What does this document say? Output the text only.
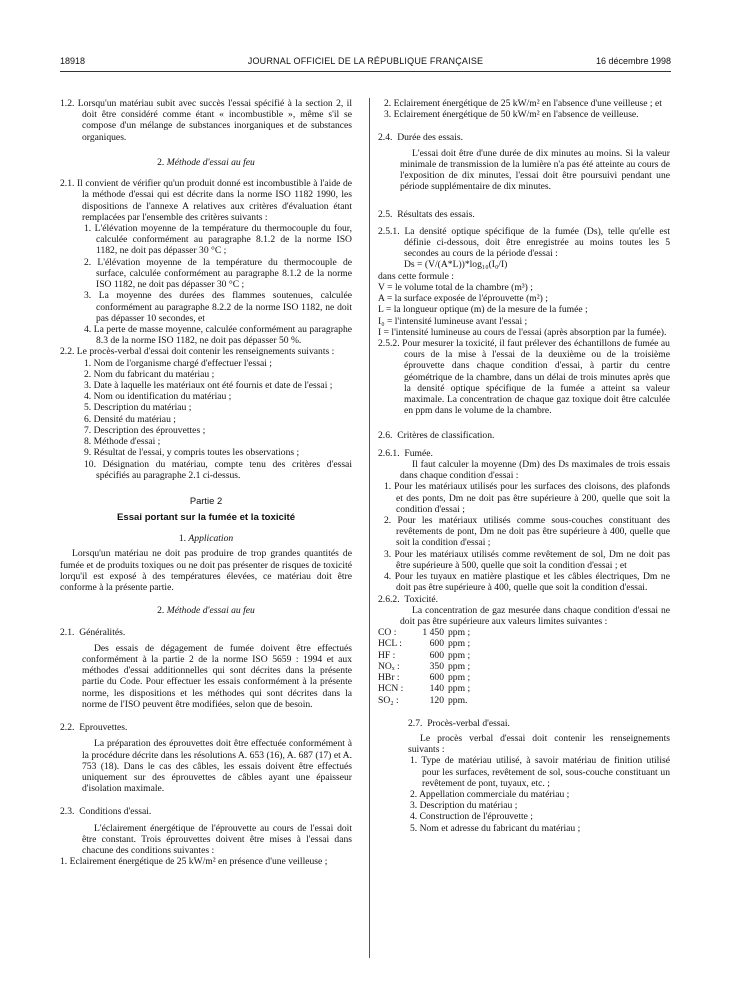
18918	JOURNAL OFFICIEL DE LA RÉPUBLIQUE FRANÇAISE	16 décembre 1998
1.2. Lorsqu'un matériau subit avec succès l'essai spécifié à la section 2, il doit être considéré comme étant « incombustible », même s'il se compose d'un mélange de substances inorganiques et de substances organiques.
2. Méthode d'essai au feu
2.1. Il convient de vérifier qu'un produit donné est incombustible à l'aide de la méthode d'essai qui est décrite dans la norme ISO 1182 1990, les dispositions de l'annexe A relatives aux critères d'évaluation étant remplacées par l'ensemble des critères suivants :
1. L'élévation moyenne de la température du thermocouple du four, calculée conformément au paragraphe 8.1.2 de la norme ISO 1182, ne doit pas dépasser 30 °C ;
2. L'élévation moyenne de la température du thermocouple de surface, calculée conformément au paragraphe 8.1.2 de la norme ISO 1182, ne doit pas dépasser 30 °C ;
3. La moyenne des durées des flammes soutenues, calculée conformément au paragraphe 8.2.2 de la norme ISO 1182, ne doit pas dépasser 10 secondes, et
4. La perte de masse moyenne, calculée conformément au paragraphe 8.3 de la norme ISO 1182, ne doit pas dépasser 50 %.
2.2. Le procès-verbal d'essai doit contenir les renseignements suivants :
1. Nom de l'organisme chargé d'effectuer l'essai ;
2. Nom du fabricant du matériau ;
3. Date à laquelle les matériaux ont été fournis et date de l'essai ;
4. Nom ou identification du matériau ;
5. Description du matériau ;
6. Densité du matériau ;
7. Description des éprouvettes ;
8. Méthode d'essai ;
9. Résultat de l'essai, y compris toutes les observations ;
10. Désignation du matériau, compte tenu des critères d'essai spécifiés au paragraphe 2.1 ci-dessus.
Partie 2
Essai portant sur la fumée et la toxicité
1. Application
Lorsqu'un matériau ne doit pas produire de trop grandes quantités de fumée et de produits toxiques ou ne doit pas présenter de risques de toxicité lorqu'il est exposé à des températures élevées, ce matériau doit être conforme à la présente partie.
2. Méthode d'essai au feu
2.1. Généralités.
Des essais de dégagement de fumée doivent être effectués conformément à la partie 2 de la norme ISO 5659 : 1994 et aux méthodes d'essai additionnelles qui sont décrites dans la présente partie du Code. Pour effectuer les essais conformément à la présente norme, les dispositions et les méthodes qui sont décrites dans la norme de l'ISO peuvent être modifiées, selon que de besoin.
2.2. Eprouvettes.
La préparation des éprouvettes doit être effectuée conformément à la procédure décrite dans les résolutions A. 653 (16), A. 687 (17) et A. 753 (18). Dans le cas des câbles, les essais doivent être effectués uniquement sur des éprouvettes de câbles ayant une épaisseur d'isolation maximale.
2.3. Conditions d'essai.
L'éclairement énergétique de l'éprouvette au cours de l'essai doit être constant. Trois éprouvettes doivent être mises à l'essai dans chacune des conditions suivantes :
1. Eclairement énergétique de 25 kW/m² en présence d'une veilleuse ;
2. Eclairement énergétique de 25 kW/m² en l'absence d'une veilleuse ; et
3. Eclairement énergétique de 50 kW/m² en l'absence de veilleuse.
2.4. Durée des essais.
L'essai doit être d'une durée de dix minutes au moins. Si la valeur minimale de transmission de la lumière n'a pas été atteinte au cours de l'exposition de dix minutes, l'essai doit être poursuivi pendant une période supplémentaire de dix minutes.
2.5. Résultats des essais.
2.5.1. La densité optique spécifique de la fumée (Ds), telle qu'elle est définie ci-dessous, doit être enregistrée au moins toutes les 5 secondes au cours de la période d'essai :
Ds = (V/(A*L))*log₁₀(I₀/I)
dans cette formule :
V = le volume total de la chambre (m³) ;
A = la surface exposée de l'éprouvette (m²) ;
L = la longueur optique (m) de la mesure de la fumée ;
I₀ = l'intensité lumineuse avant l'essai ;
I = l'intensité lumineuse au cours de l'essai (après absorption par la fumée).
2.5.2. Pour mesurer la toxicité, il faut prélever des échantillons de fumée au cours de la mise à l'essai de la deuxième ou de la troisième éprouvette dans chaque condition d'essai, à partir du centre géométrique de la chambre, dans un délai de trois minutes après que la densité optique spécifique de la fumée a atteint sa valeur maximale. La concentration de chaque gaz toxique doit être calculée en ppm dans le volume de la chambre.
2.6. Critères de classification.
2.6.1. Fumée.
Il faut calculer la moyenne (Dm) des Ds maximales de trois essais dans chaque condition d'essai :
1. Pour les matériaux utilisés pour les surfaces des cloisons, des plafonds et des ponts, Dm ne doit pas être supérieure à 200, quelle que soit la condition d'essai ;
2. Pour les matériaux utilisés comme sous-couches constituant des revêtements de pont, Dm ne doit pas être supérieure à 400, quelle que soit la condition d'essai ;
3. Pour les matériaux utilisés comme revêtement de sol, Dm ne doit pas être supérieure à 500, quelle que soit la condition d'essai ; et
4. Pour les tuyaux en matière plastique et les câbles électriques, Dm ne doit pas être supérieure à 400, quelle que soit la condition d'essai.
2.6.2. Toxicité.
La concentration de gaz mesurée dans chaque condition d'essai ne doit pas être supérieure aux valeurs limites suivantes :
CO :	1 450 ppm ;
HCL :	600 ppm ;
HF :	600 ppm ;
NOₓ :	350 ppm ;
HBr :	600 ppm ;
HCN :	140 ppm ;
SO₂ :	120 ppm.
2.7. Procès-verbal d'essai.
Le procès verbal d'essai doit contenir les renseignements suivants :
1. Type de matériau utilisé, à savoir matériau de finition utilisé pour les surfaces, revêtement de sol, sous-couche constituant un revêtement de pont, tuyaux, etc. ;
2. Appellation commerciale du matériau ;
3. Description du matériau ;
4. Construction de l'éprouvette ;
5. Nom et adresse du fabricant du matériau ;
